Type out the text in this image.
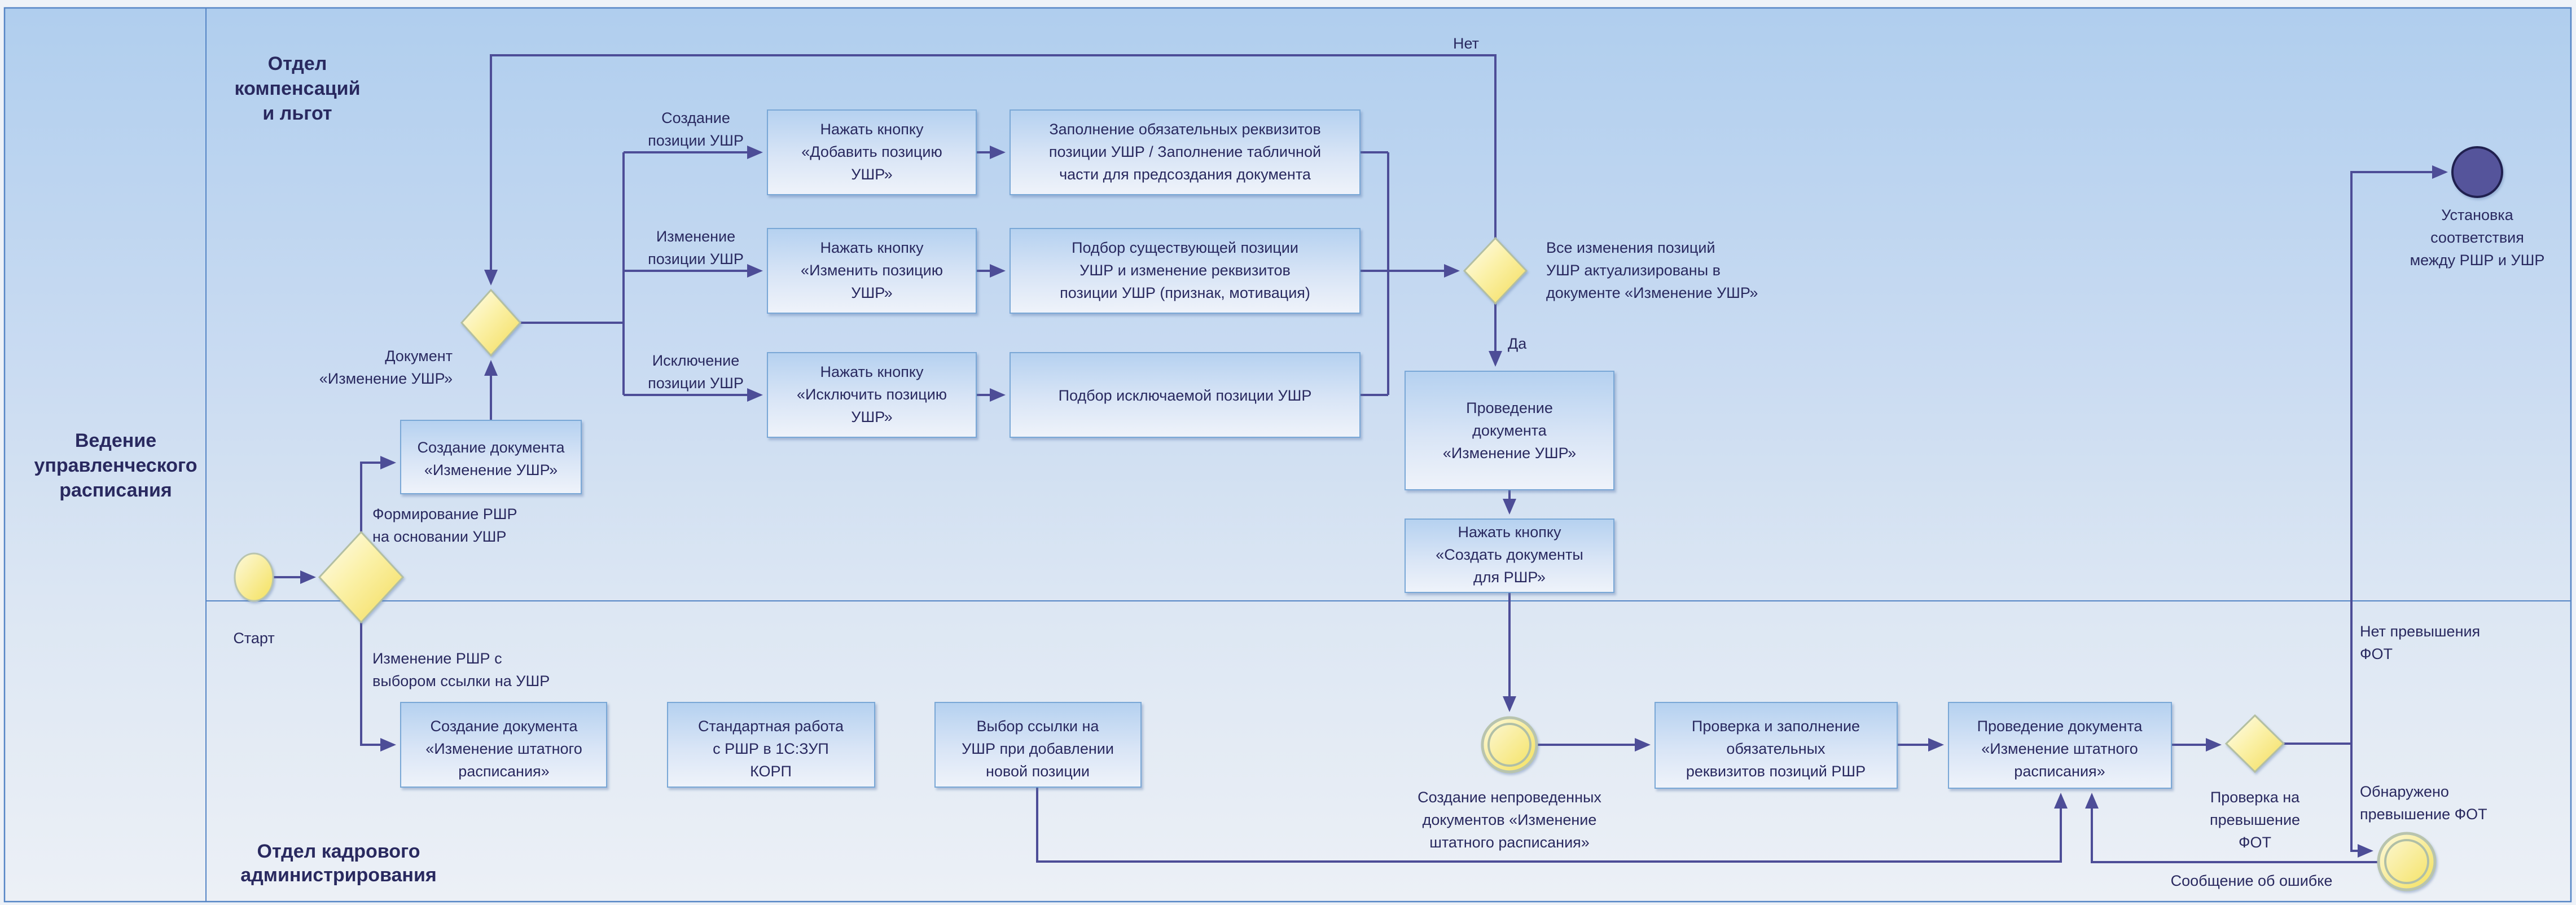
Ведение
управленческого
расписания
Отдел
компенсаций
и льгот
Отдел кадрового
администрирования
Старт
Формирование РШР
на основании УШР
Изменение РШР с
выбором ссылки на УШР
Создание документа
«Изменение УШР»
Документ
«Изменение УШР»
Создание
позиции УШР
Изменение
позиции УШР
Исключение
позиции УШР
Нажать кнопку
«Добавить позицию
УШР»
Заполнение обязательных реквизитов
позиции УШР / Заполнение табличной
части для предсоздания документа
Нажать кнопку
«Изменить позицию
УШР»
Подбор существующей позиции
УШР и изменение реквизитов
позиции УШР (признак, мотивация)
Нажать кнопку
«Исключить позицию
УШР»
Подбор исключаемой позиции УШР
Все изменения позиций
УШР актуализированы в
документе «Изменение УШР»
Нет
Да
Проведение
документа
«Изменение УШР»
Нажать кнопку
«Создать документы
для РШР»
Создание непроведенных
документов «Изменение
штатного расписания»
Создание документа
«Изменение штатного
расписания»
Стандартная работа
с РШР в 1С:ЗУП
КОРП
Выбор ссылки на
УШР при добавлении
новой позиции
Проверка и заполнение
обязательных
реквизитов позиций РШР
Проведение документа
«Изменение штатного
расписания»
Проверка на
превышение
ФОТ
Нет превышения
ФОТ
Обнаружено
превышение ФОТ
Сообщение об ошибке
Установка
соответствия
между РШР и УШР
